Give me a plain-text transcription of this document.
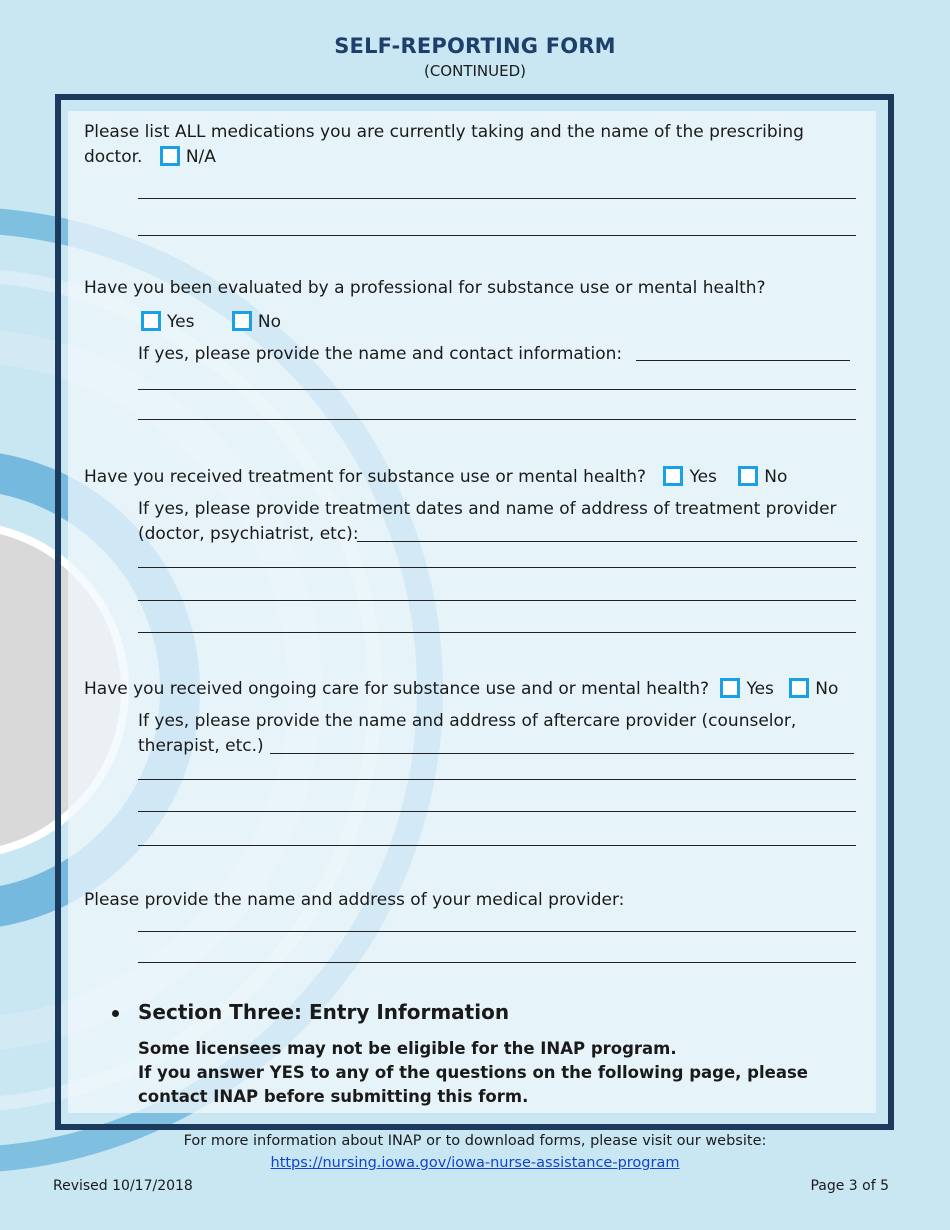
SELF-REPORTING FORM
(CONTINUED)
Please list ALL medications you are currently taking and the name of the prescribing
doctor.	N/A
Have you been evaluated by a professional for substance use or mental health?
Yes	No
If yes, please provide the name and contact information:
Have you received treatment for substance use or mental health?	Yes	No
If yes, please provide treatment dates and name of address of treatment provider
(doctor, psychiatrist, etc):
Have you received ongoing care for substance use and or mental health? Yes No
If yes, please provide the name and address of aftercare provider (counselor,
therapist, etc.)
Please provide the name and address of your medical provider:
Section Three: Entry Information
Some licensees may not be eligible for the INAP program.
If you answer YES to any of the questions on the following page, please
contact INAP before submitting this form.
For more information about INAP or to download forms, please visit our website:
https://nursing.iowa.gov/iowa-nurse-assistance-program
Revised 10/17/2018	Page 3 of 5
